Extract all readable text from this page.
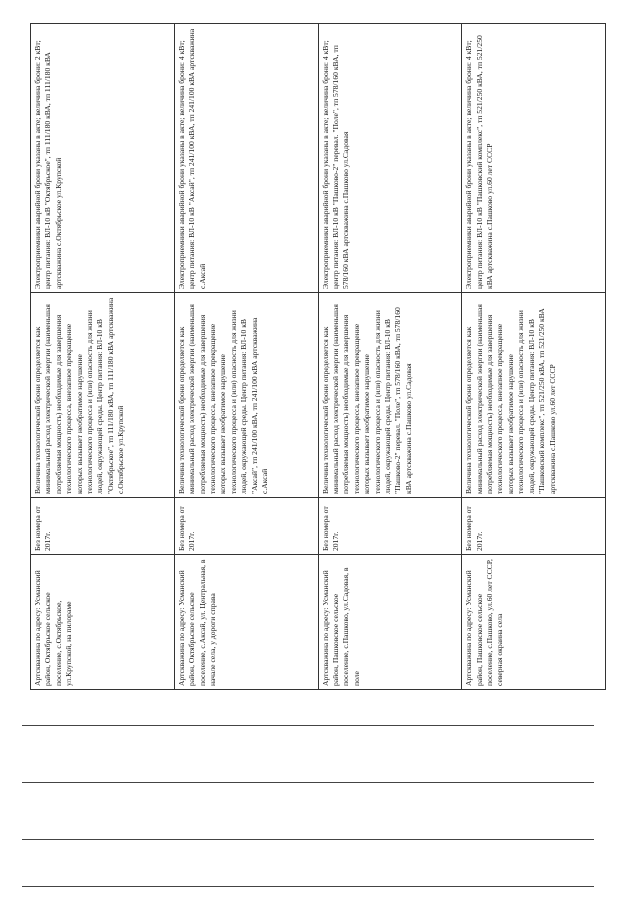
Артскважина по адресу: Усманский район, Октябрьское сельское поселение, с.Октябрьское, ул.Крупской, на пилораме	Без номера от 2017г.	Величина технологической брони определяется как минимальный расход электрической энергии (наименьшая потребляемая мощность) необходимые для завершения технологического процесса, внезапное прекращение которых вызывает необратимое нарушение технологического процесса и (или) опасность для жизни людей, окружающей среды. Центр питания: ВЛ-10 кВ "Октябрьское", тп 111/180 кВА, тп 111/180 кВА артскважина с.Октябрьское ул.Крупской	Электроприемники аварийной брони указаны в акте; величина брони: 2 кВт; центр питания: ВЛ-10 кВ "Октябрьское", тп 111/180 кВА, тп 111/180 кВА артскважина с.Октябрьское ул.Крупской
Артскважина по адресу: Усманский район, Октябрьское сельское поселение, с.Аксай, ул. Центральная, в начале села, у дороги справа	Без номера от 2017г.	Величина технологической брони определяется как минимальный расход электрической энергии (наименьшая потребляемая мощность) необходимые для завершения технологического процесса, внезапное прекращение которых вызывает необратимое нарушение технологического процесса и (или) опасность для жизни людей, окружающей среды. Центр питания: ВЛ-10 кВ "Аксай", тп 241/100 кВА, тп 241/100 кВА артскважина с.Аксай	Электроприемники аварийной брони указаны в акте; величина брони: 4 кВт; центр питания: ВЛ-10 кВ "Аксай", тп 241/100 кВА, тп 241/100 кВА артскважина с.Аксай
Артскважина по адресу: Усманский район, Пашковское сельское поселение, с.Пашково, ул.Садовая, в поле	Без номера от 2017г.	Величина технологической брони определяется как минимальный расход электрической энергии (наименьшая потребляемая мощность) необходимые для завершения технологического процесса, внезапное прекращение которых вызывает необратимое нарушение технологического процесса и (или) опасность для жизни людей, окружающей среды. Центр питания: ВЛ-10 кВ "Пашково-2" перевал. "Поле", тп 578/160 кВА, тп 578/160 кВА артскважина с.Пашково ул.Садовая	Электроприемники аварийной брони указаны в акте; величина брони: 4 кВт; центр питания: ВЛ-10 кВ "Пашково-2" перевал. "Поле", тп 578/160 кВА, тп 578/160 кВА артскважина с.Пашково ул.Садовая
Артскважина по адресу: Усманский район, Пашковское сельское поселение, с.Пашково, ул.60 лет СССР, северная окраина села	Без номера от 2017г.	Величина технологической брони определяется как минимальный расход электрической энергии (наименьшая потребляемая мощность) необходимые для завершения технологического процесса, внезапное прекращение которых вызывает необратимое нарушение технологического процесса и (или) опасность для жизни людей, окружающей среды. Центр питания: ВЛ-10 кВ "Пашковский комплекс", тп 521/250 кВА, тп 521/250 кВА артскважина с.Пашково ул.60 лет СССР	Электроприемники аварийной брони указаны в акте; величина брони: 4 кВт; центр питания: ВЛ-10 кВ "Пашковский комплекс", тп 521/250 кВА, тп 521/250 кВА артскважина с.Пашково ул.60 лет СССР
